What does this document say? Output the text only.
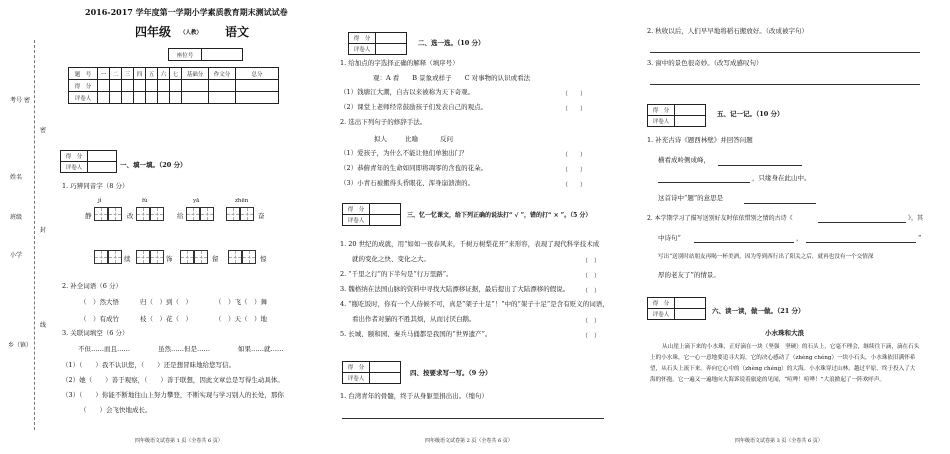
密
密
封
线
考号
姓名
班级
小学
乡（镇）
2016-2017 学年度第一学期小学素质教育期末测试试卷
四年级 （人教） 语文
座位号	
题　号	一	二	三	四	五	六	七	基础分	作文分	总分
得　分										
评卷人										
得　分	
评卷人		一、填一填。（20 分）
1. 巧辨同音字（8 分）
jì	fú	yā	zhēn
静	改	给	奋
续	饰	留	惊
2. 补全词语（6 分）
（　）然大悟	归（　）到（　）	（　）飞（　）舞
（　）有成竹	枝（　）花（　）	（　）天（　）地
3. 关联词填空（6 分）
不但……而且……	虽然……但是……	如果……就……
（1）（　　）我不认识您，（　　）还是想冒昧地给您写信。
（2）她（　　）善于观察，（　　）善于联想，因此文章总是写得生动具体。
（3）（　　）你能不断地往山上努力攀登，不断实现与学习别人的长处，那你
（　　）会飞快地成长。
四年级语文试卷第 1 页（全卷共 6 页）
得　分	
评卷人	
二、选一选。（10 分）
1. 给加点的字选择正确的解释（填序号）
观：A 看　　B 景象或样子　　C 对事物的认识或看法
（1）钱塘江大潮，自古以来被称为天下奇观。	（　　）
（2）课堂上老师经常鼓励孩子们发表自己的观点。	（　　）
2. 选出下列句子的修辞手法。
拟人	比喻	反问
（1）爱孩子，为什么不能让他们单独出门？	（　　）
（2）恭俯青年的生命如同即将凋零的含苞的花朵。	（　　）
（3）小青石被搬得头昏眼花、浑身崩溃溃的。	（　　）
得　分	
评卷人	
三、忆一忆课文，给下列正确的说法打“ √ ”，错的打“ × ”。（5 分）
1. 20 世纪的成就，用“如如一夜春风来，千树万树梨花开”来形容，表现了现代科学技术成
就的变化之快、变化之大。	（　）
2. “千里之行”的下半句是“行万里路”。	（　）
3. 魏格纳在法国山脉的资料中寻找大陆漂移证据，最后提出了大陆漂移的假说。 （　）
4. “瓶吃饭时，你有一个人侍候不可，真是“架子十足”！”中的“架子十足”是含有贬义的词语，
看出作者对猫的不胜其烦，从而讨厌白鹅。	（　）
5. 长城、颐和园、秦兵马俑都是我国的“世界遗产”。	（　）
得　分	
评卷人	
四、按要求写一写。（9 分）
1. 台湾青年的骨髓，终于从身躯里捐出出。（缩句）
四年级语文试卷第 2 页（全卷共 6 页）
2. 秋收以后，人们早早地将稻石搬放好。（改成被字句）
3. 窗中的景色很奇妙。（改写成感叹句）
得　分	
评卷人	
五、记一记。（10 分）
1. 补充古诗《题西林壁》并回答问题
横看成岭侧成峰，
，只缘身在此山中。
这首诗中“题”的意思是
2. 本学期学习了描写送别好友时依依惜别之情的古诗《	》，其
中诗句“	，	”
写出“送别时站朋友再喝一杯美酒，因为等到西行出了阳关之后，就再也没有一个交情深
厚的老友了”的情景。
得　分	
评卷人		六、读一读，做一做。（21 分）
小水珠和大浪
从山崖上滴下来的小水珠，正好滴在一块（坚强　坚硬）的石头上，它毫不理会，继续往下滴，滴在石头上的小水珠，它一心一意地要追寻大海。它的决心感动了（zhèng chéng）一块小石头，小水珠依旧满怀希望，从石头上流下来。奔向它心中的（zhèng chéng）的大海。小水珠穿过山林，越过平原，终于投入了大海的怀抱。它一遍又一遍地向大海诉说着旅途的见闻，“喧哗！喧哗！”大浪掀起了一阵欢呼声。
四年级语文试卷第 3 页（全卷共 6 页）
